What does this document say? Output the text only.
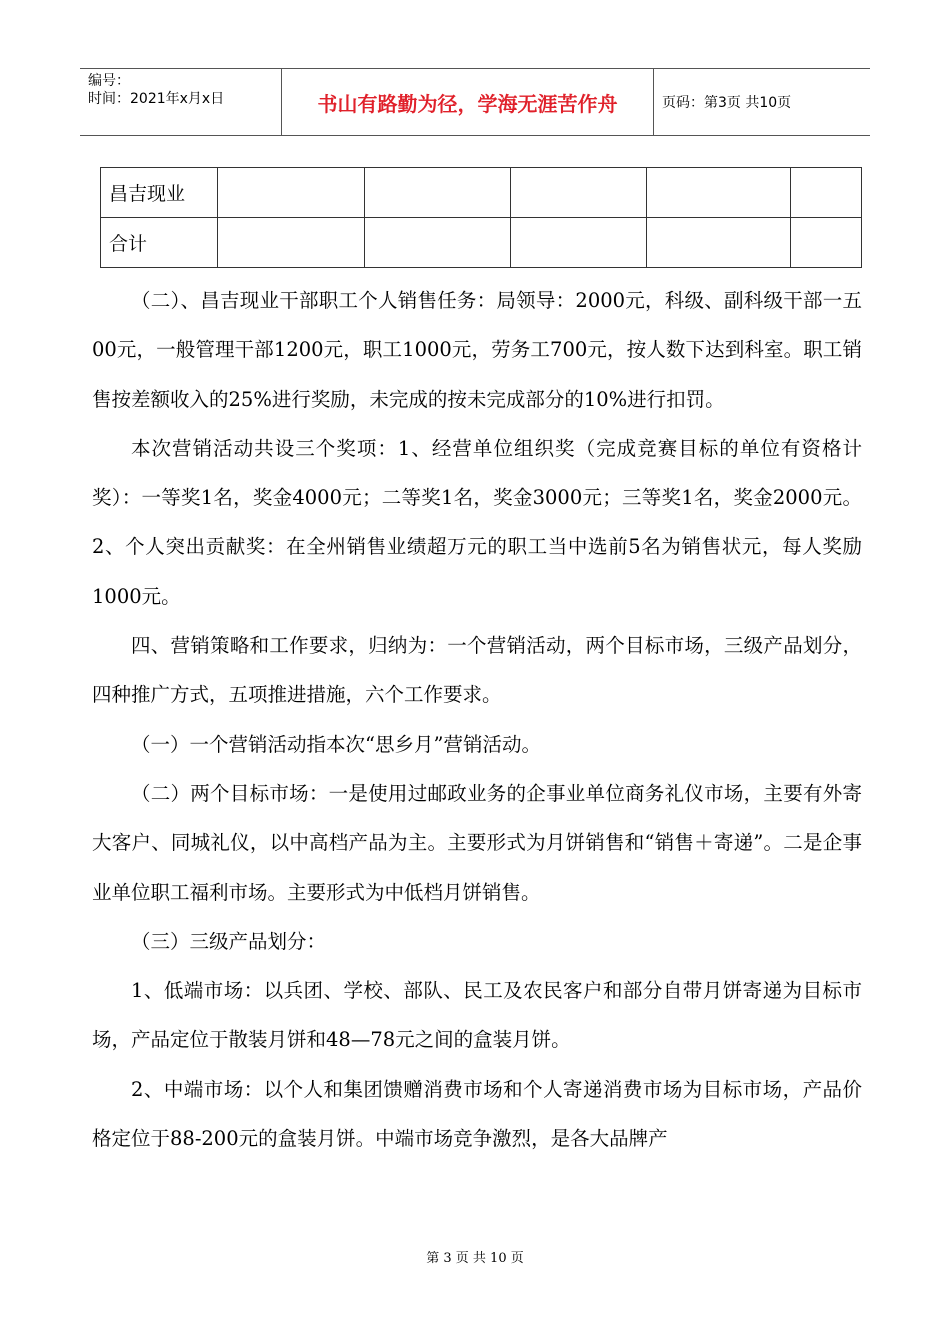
编号：
时间：2021年x月x日	书山有路勤为径，学海无涯苦作舟	页码：第3页 共10页
昌吉现业					
合计					

（二）、昌吉现业干部职工个人销售任务：局领导：2000元，科级、副科级干部一五00元，一般管理干部1200元，职工1000元，劳务工700元，按人数下达到科室。职工销售按差额收入的25%进行奖励，未完成的按未完成部分的10%进行扣罚。

本次营销活动共设三个奖项：1、经营单位组织奖（完成竞赛目标的单位有资格计奖）：一等奖1名，奖金4000元；二等奖1名，奖金3000元；三等奖1名，奖金2000元。2、个人突出贡献奖：在全州销售业绩超万元的职工当中选前5名为销售状元，每人奖励1000元。

四、营销策略和工作要求，归纳为：一个营销活动，两个目标市场，三级产品划分，四种推广方式，五项推进措施，六个工作要求。

（一）一个营销活动指本次“思乡月”营销活动。

（二）两个目标市场：一是使用过邮政业务的企事业单位商务礼仪市场，主要有外寄大客户、同城礼仪，以中高档产品为主。主要形式为月饼销售和“销售＋寄递”。二是企事业单位职工福利市场。主要形式为中低档月饼销售。

（三）三级产品划分：

1、低端市场：以兵团、学校、部队、民工及农民客户和部分自带月饼寄递为目标市场，产品定位于散装月饼和48—78元之间的盒装月饼。

2、中端市场：以个人和集团馈赠消费市场和个人寄递消费市场为目标市场，产品价格定位于88-200元的盒装月饼。中端市场竞争激烈，是各大品牌产

第 3 页 共 10 页
